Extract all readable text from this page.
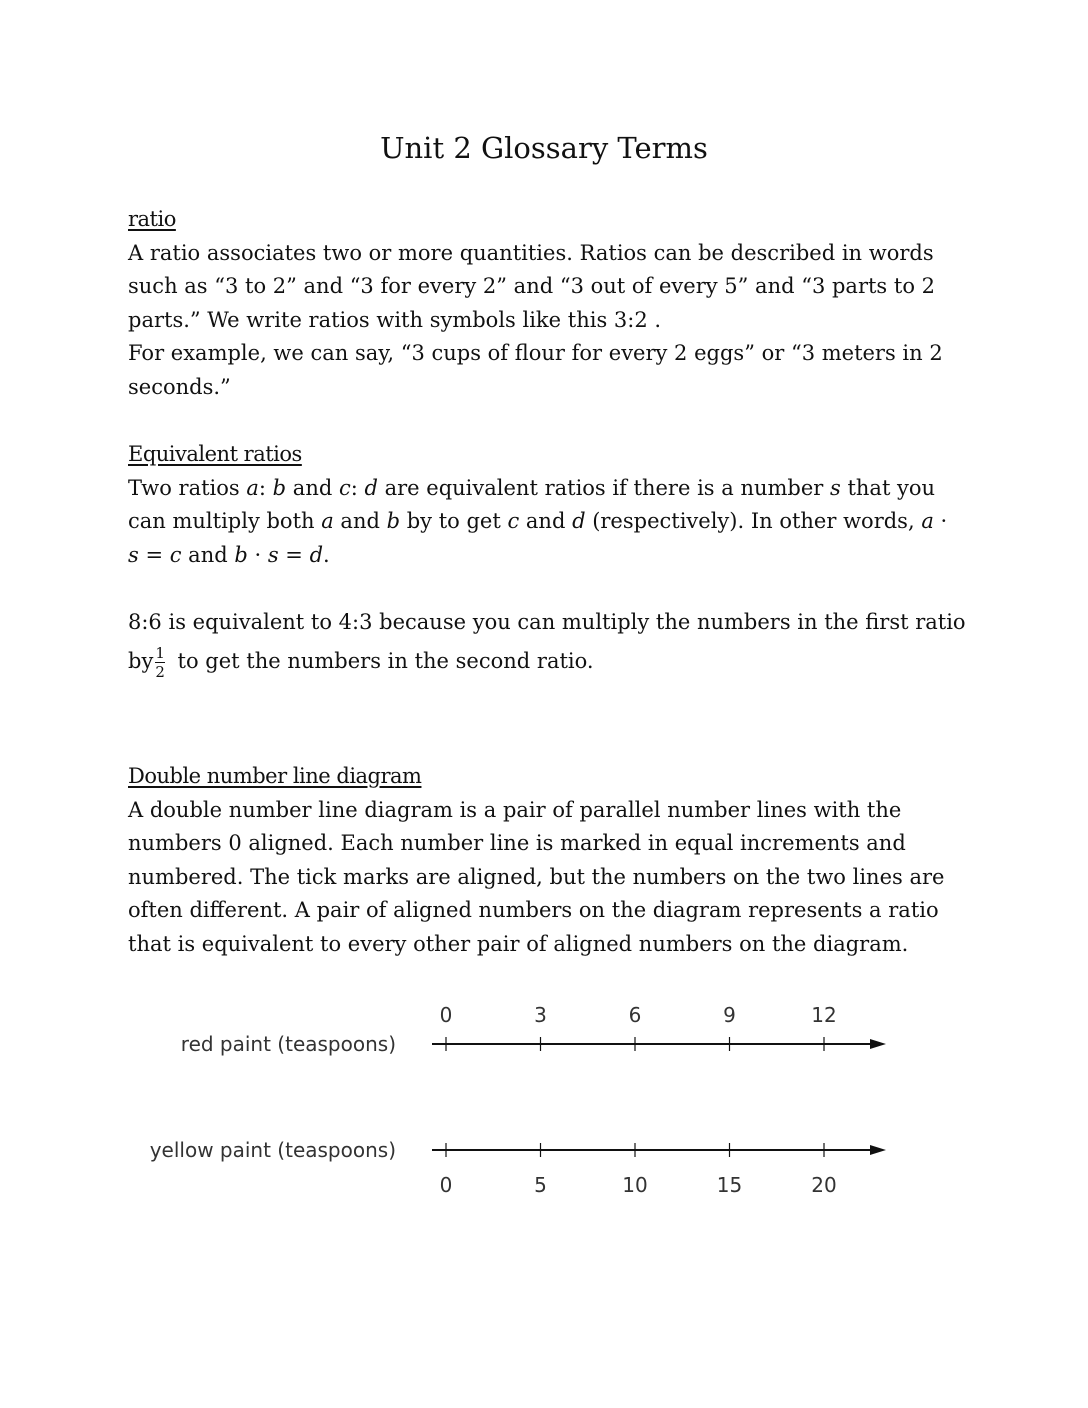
Unit 2 Glossary Terms
ratio
A ratio associates two or more quantities. Ratios can be described in words
such as “3 to 2” and “3 for every 2” and “3 out of every 5” and “3 parts to 2
parts.” We write ratios with symbols like this 3:2 .
For example, we can say, “3 cups of flour for every 2 eggs” or “3 meters in 2
seconds.”
Equivalent ratios
Two ratios a: b and c: d are equivalent ratios if there is a number s that you
can multiply both a and b by to get c and d (respectively). In other words, a ·
s = c and b · s = d.
8:6 is equivalent to 4:3 because you can multiply the numbers in the first ratio
by $\frac{1}{2}$ to get the numbers in the second ratio.
Double number line diagram
A double number line diagram is a pair of parallel number lines with the
numbers 0 aligned. Each number line is marked in equal increments and
numbered. The tick marks are aligned, but the numbers on the two lines are
often different. A pair of aligned numbers on the diagram represents a ratio
that is equivalent to every other pair of aligned numbers on the diagram.
red paint (teaspoons)
0	3	6	9	12
yellow paint (teaspoons)
0	5	10	15	20
